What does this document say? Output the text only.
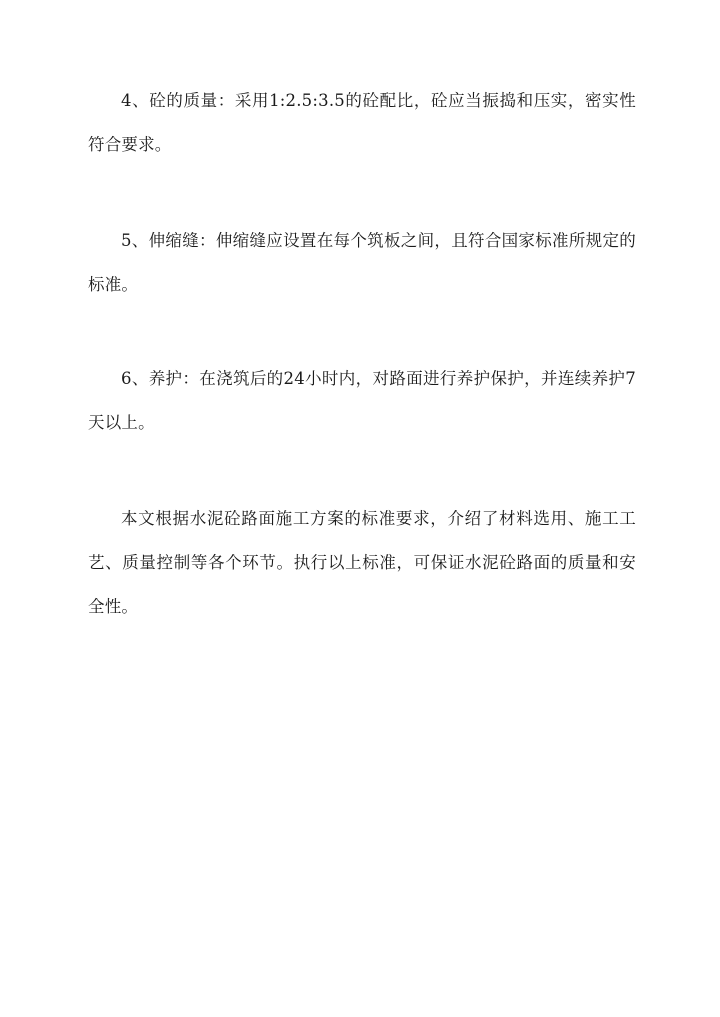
4、砼的质量：采用1:2.5:3.5的砼配比，砼应当振捣和压实，密实性符合要求。

5、伸缩缝：伸缩缝应设置在每个筑板之间，且符合国家标准所规定的标准。

6、养护：在浇筑后的24小时内，对路面进行养护保护，并连续养护7天以上。

本文根据水泥砼路面施工方案的标准要求，介绍了材料选用、施工工艺、质量控制等各个环节。执行以上标准，可保证水泥砼路面的质量和安全性。
